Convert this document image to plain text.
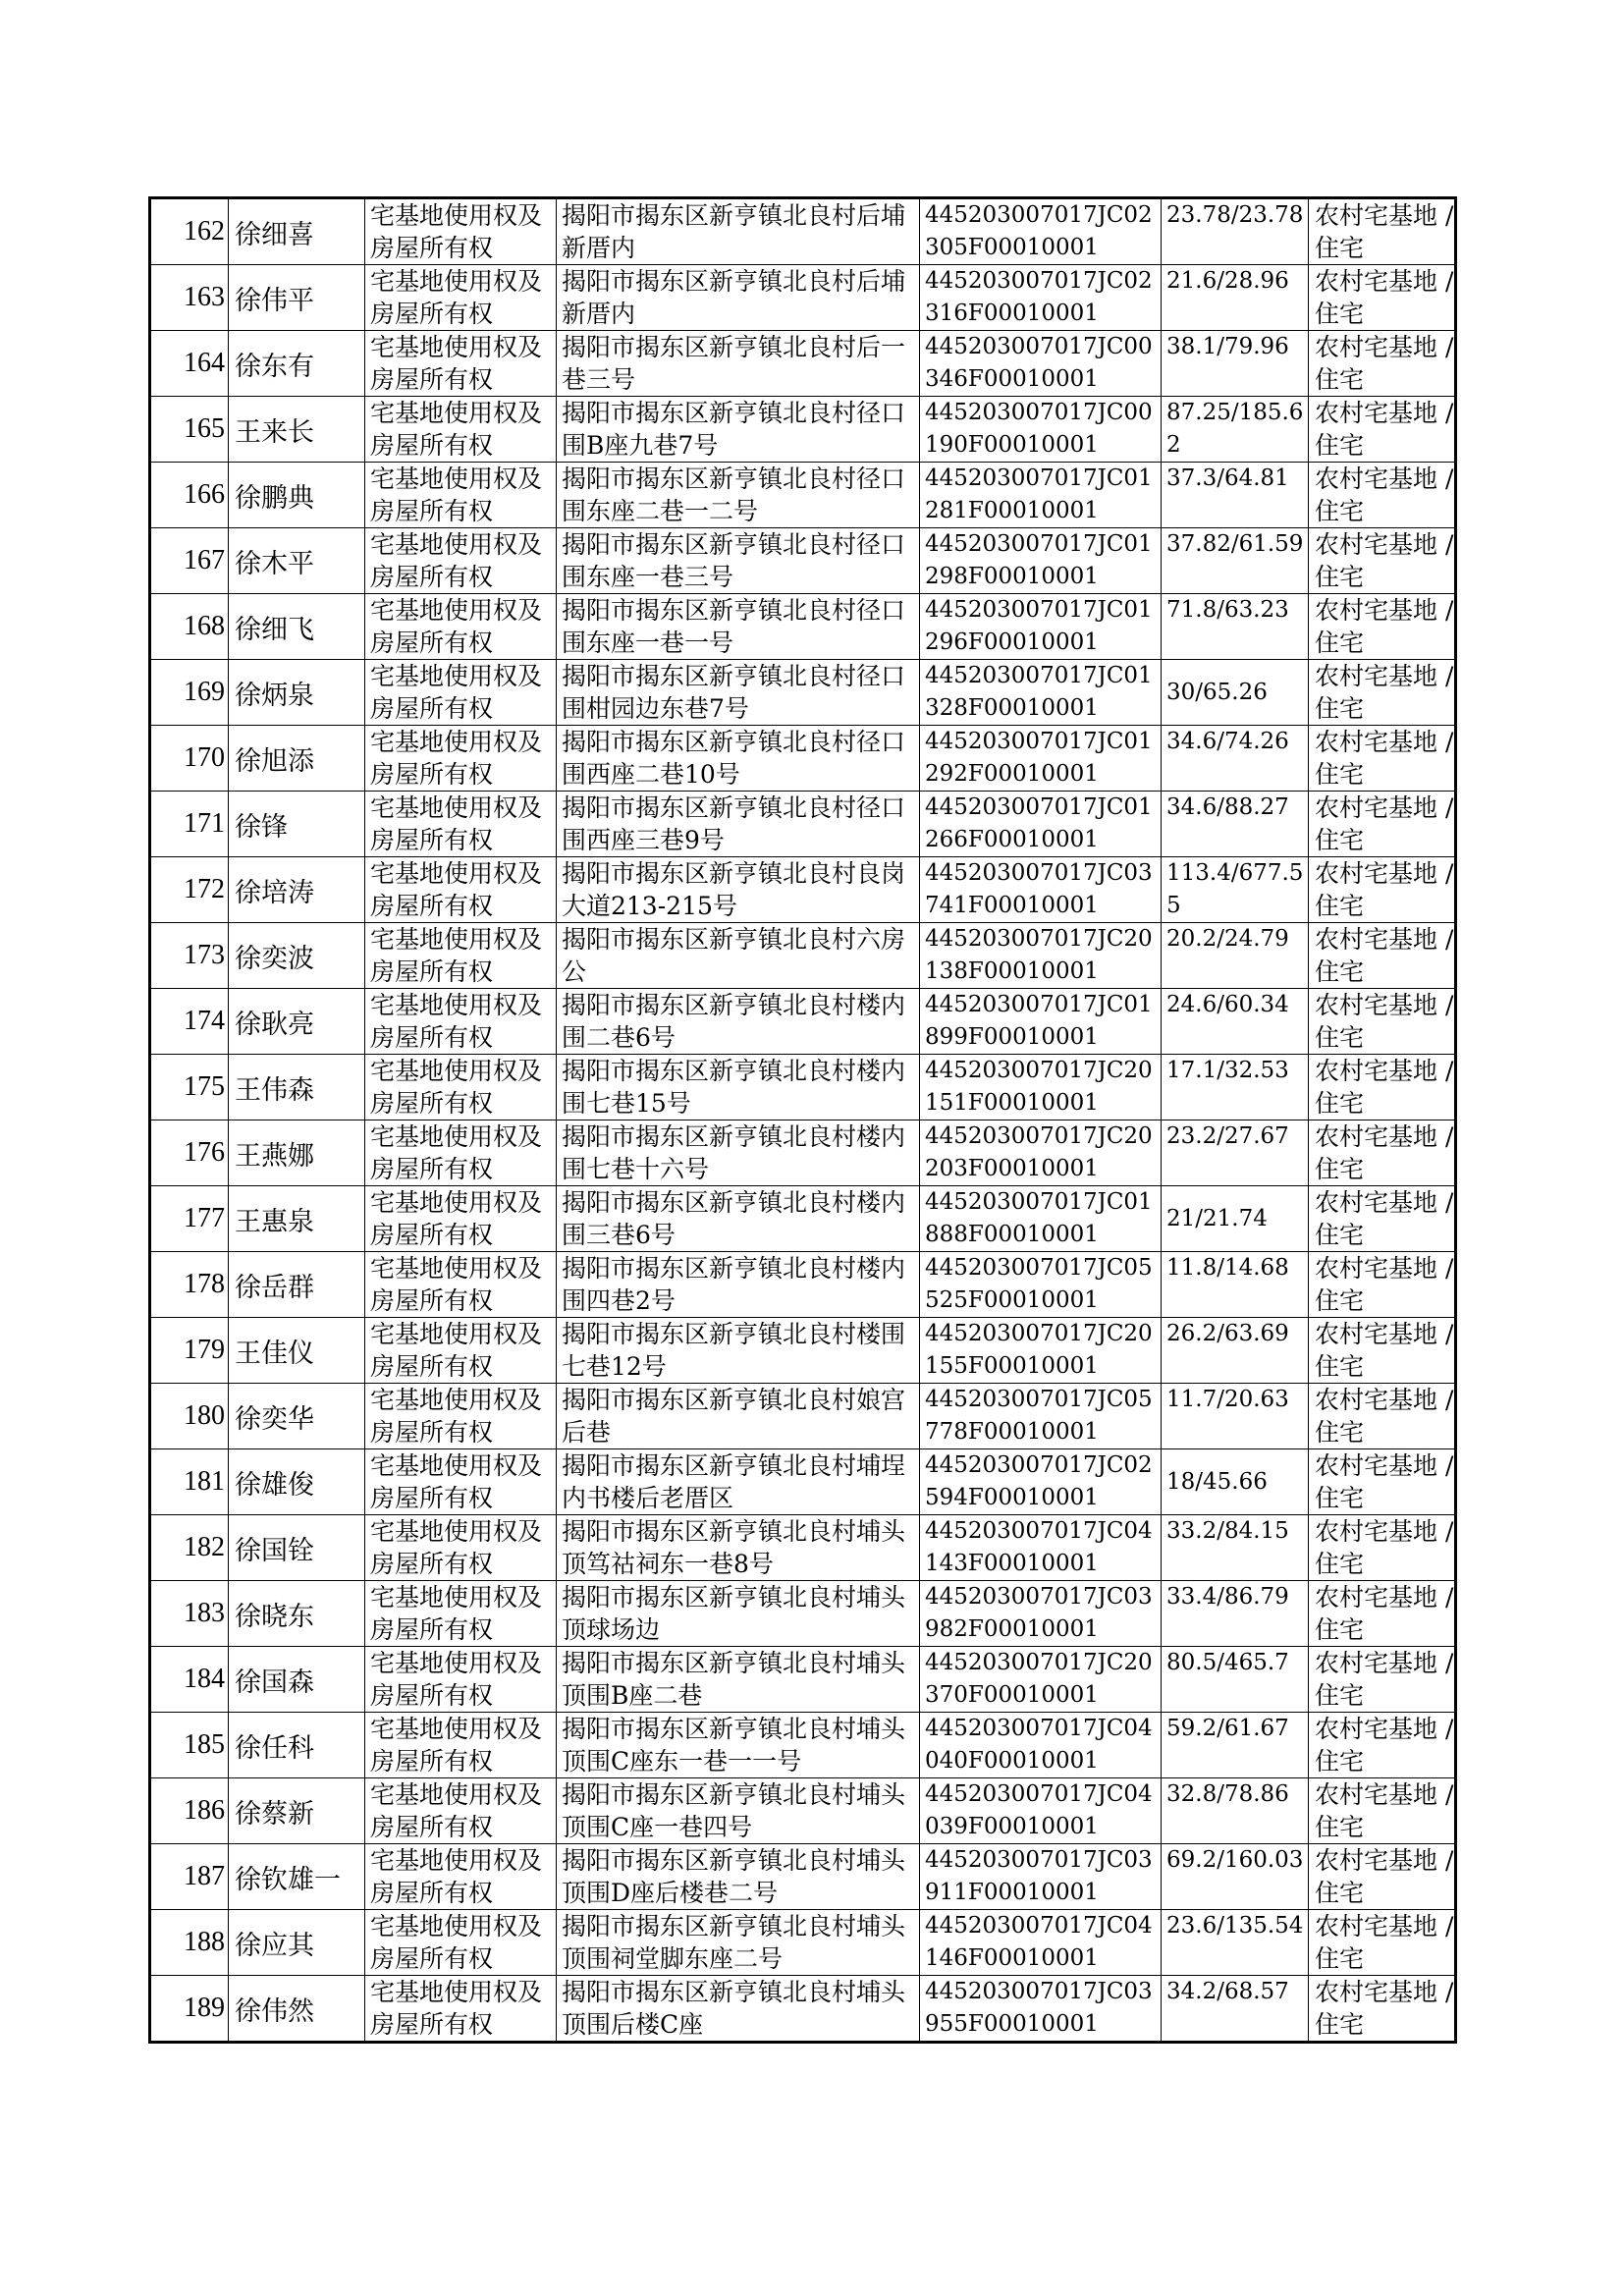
162	徐细喜	宅基地使用权及房屋所有权	揭阳市揭东区新亨镇北良村后埔新厝内	445203007017JC02305F00010001	23.78/23.78	农村宅基地 / 住宅
163	徐伟平	宅基地使用权及房屋所有权	揭阳市揭东区新亨镇北良村后埔新厝内	445203007017JC02316F00010001	21.6/28.96	农村宅基地 / 住宅
164	徐东有	宅基地使用权及房屋所有权	揭阳市揭东区新亨镇北良村后一巷三号	445203007017JC00346F00010001	38.1/79.96	农村宅基地 / 住宅
165	王来长	宅基地使用权及房屋所有权	揭阳市揭东区新亨镇北良村径口围B座九巷7号	445203007017JC00190F00010001	87.25/185.62	农村宅基地 / 住宅
166	徐鹏典	宅基地使用权及房屋所有权	揭阳市揭东区新亨镇北良村径口围东座二巷一二号	445203007017JC01281F00010001	37.3/64.81	农村宅基地 / 住宅
167	徐木平	宅基地使用权及房屋所有权	揭阳市揭东区新亨镇北良村径口围东座一巷三号	445203007017JC01298F00010001	37.82/61.59	农村宅基地 / 住宅
168	徐细飞	宅基地使用权及房屋所有权	揭阳市揭东区新亨镇北良村径口围东座一巷一号	445203007017JC01296F00010001	71.8/63.23	农村宅基地 / 住宅
169	徐炳泉	宅基地使用权及房屋所有权	揭阳市揭东区新亨镇北良村径口围柑园边东巷7号	445203007017JC01328F00010001	30/65.26	农村宅基地 / 住宅
170	徐旭添	宅基地使用权及房屋所有权	揭阳市揭东区新亨镇北良村径口围西座二巷10号	445203007017JC01292F00010001	34.6/74.26	农村宅基地 / 住宅
171	徐锋	宅基地使用权及房屋所有权	揭阳市揭东区新亨镇北良村径口围西座三巷9号	445203007017JC01266F00010001	34.6/88.27	农村宅基地 / 住宅
172	徐培涛	宅基地使用权及房屋所有权	揭阳市揭东区新亨镇北良村良岗大道213-215号	445203007017JC03741F00010001	113.4/677.55	农村宅基地 / 住宅
173	徐奕波	宅基地使用权及房屋所有权	揭阳市揭东区新亨镇北良村六房公	445203007017JC20138F00010001	20.2/24.79	农村宅基地 / 住宅
174	徐耿亮	宅基地使用权及房屋所有权	揭阳市揭东区新亨镇北良村楼内围二巷6号	445203007017JC01899F00010001	24.6/60.34	农村宅基地 / 住宅
175	王伟森	宅基地使用权及房屋所有权	揭阳市揭东区新亨镇北良村楼内围七巷15号	445203007017JC20151F00010001	17.1/32.53	农村宅基地 / 住宅
176	王燕娜	宅基地使用权及房屋所有权	揭阳市揭东区新亨镇北良村楼内围七巷十六号	445203007017JC20203F00010001	23.2/27.67	农村宅基地 / 住宅
177	王惠泉	宅基地使用权及房屋所有权	揭阳市揭东区新亨镇北良村楼内围三巷6号	445203007017JC01888F00010001	21/21.74	农村宅基地 / 住宅
178	徐岳群	宅基地使用权及房屋所有权	揭阳市揭东区新亨镇北良村楼内围四巷2号	445203007017JC05525F00010001	11.8/14.68	农村宅基地 / 住宅
179	王佳仪	宅基地使用权及房屋所有权	揭阳市揭东区新亨镇北良村楼围七巷12号	445203007017JC20155F00010001	26.2/63.69	农村宅基地 / 住宅
180	徐奕华	宅基地使用权及房屋所有权	揭阳市揭东区新亨镇北良村娘宫后巷	445203007017JC05778F00010001	11.7/20.63	农村宅基地 / 住宅
181	徐雄俊	宅基地使用权及房屋所有权	揭阳市揭东区新亨镇北良村埔埕内书楼后老厝区	445203007017JC02594F00010001	18/45.66	农村宅基地 / 住宅
182	徐国铨	宅基地使用权及房屋所有权	揭阳市揭东区新亨镇北良村埔头顶笃祜祠东一巷8号	445203007017JC04143F00010001	33.2/84.15	农村宅基地 / 住宅
183	徐晓东	宅基地使用权及房屋所有权	揭阳市揭东区新亨镇北良村埔头顶球场边	445203007017JC03982F00010001	33.4/86.79	农村宅基地 / 住宅
184	徐国森	宅基地使用权及房屋所有权	揭阳市揭东区新亨镇北良村埔头顶围B座二巷	445203007017JC20370F00010001	80.5/465.7	农村宅基地 / 住宅
185	徐任科	宅基地使用权及房屋所有权	揭阳市揭东区新亨镇北良村埔头顶围C座东一巷一一号	445203007017JC04040F00010001	59.2/61.67	农村宅基地 / 住宅
186	徐蔡新	宅基地使用权及房屋所有权	揭阳市揭东区新亨镇北良村埔头顶围C座一巷四号	445203007017JC04039F00010001	32.8/78.86	农村宅基地 / 住宅
187	徐钦雄一	宅基地使用权及房屋所有权	揭阳市揭东区新亨镇北良村埔头顶围D座后楼巷二号	445203007017JC03911F00010001	69.2/160.03	农村宅基地 / 住宅
188	徐应其	宅基地使用权及房屋所有权	揭阳市揭东区新亨镇北良村埔头顶围祠堂脚东座二号	445203007017JC04146F00010001	23.6/135.54	农村宅基地 / 住宅
189	徐伟然	宅基地使用权及房屋所有权	揭阳市揭东区新亨镇北良村埔头顶围后楼C座	445203007017JC03955F00010001	34.2/68.57	农村宅基地 / 住宅
